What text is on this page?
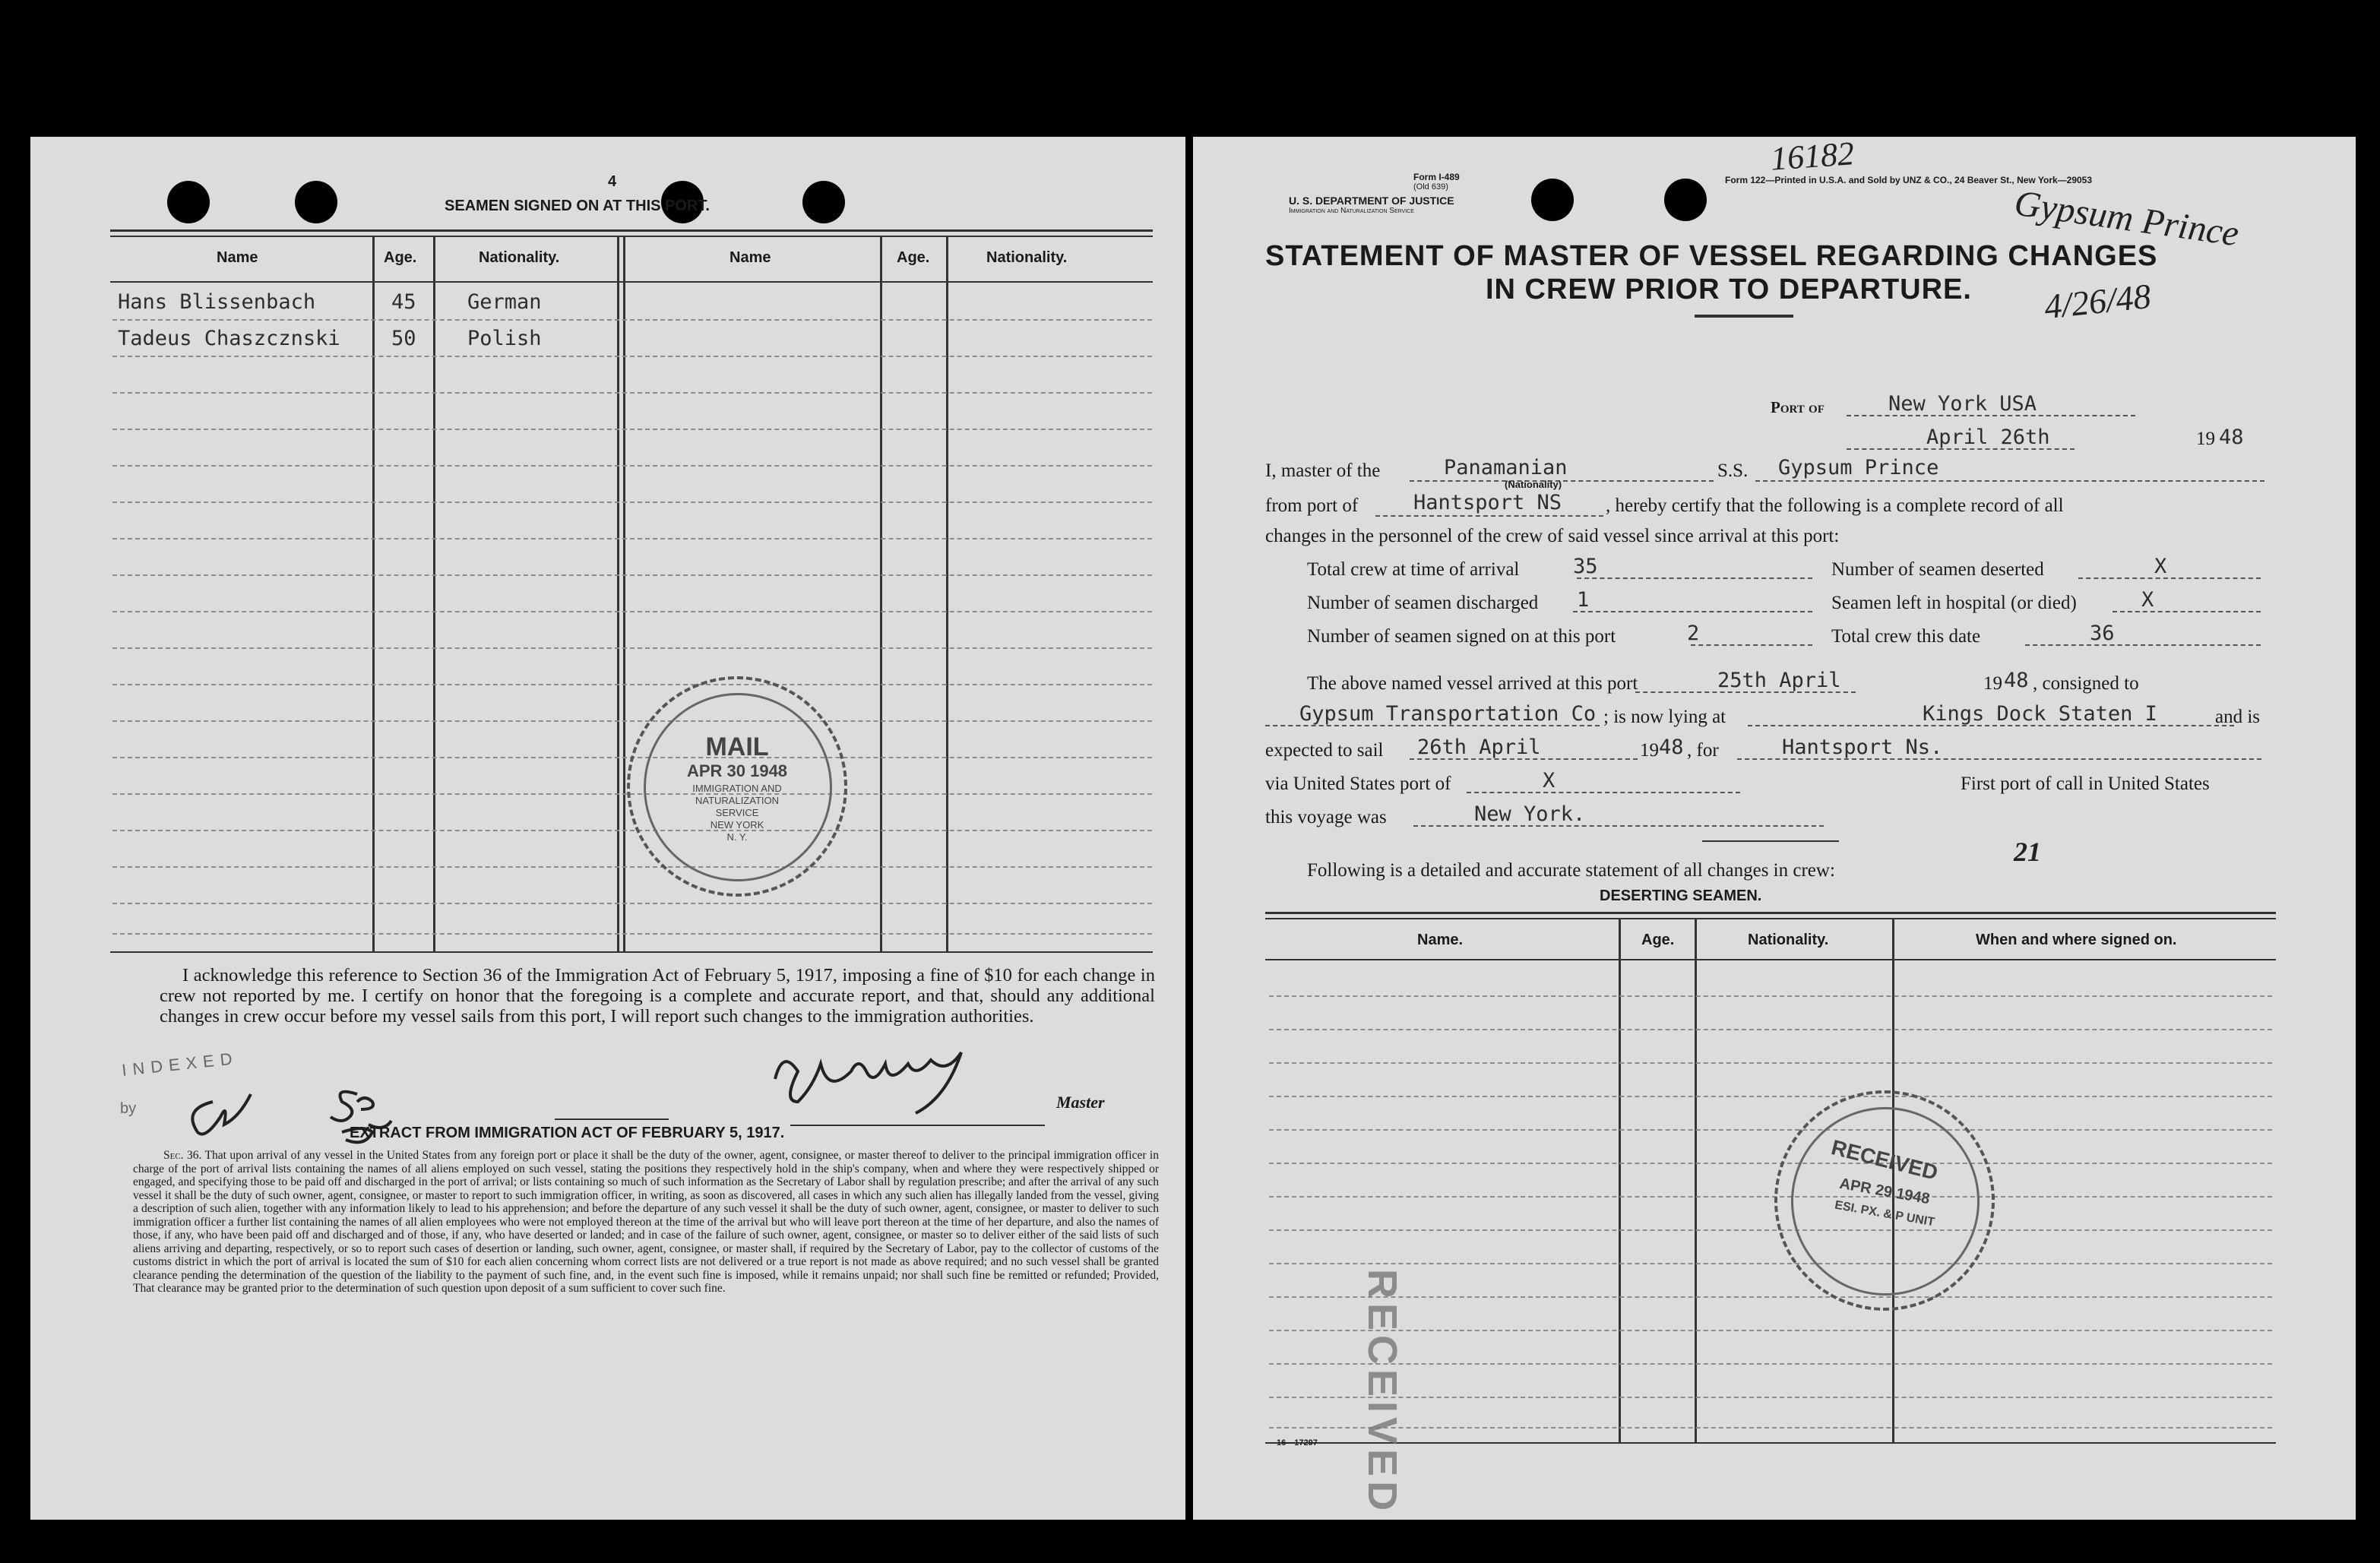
4
SEAMEN SIGNED ON AT THIS PORT.
Name	Age.	Nationality.	Name	Age.	Nationality.
Hans Blissenbach	45 German
Tadeus Chaszcznski 50 Polish
MAIL
APR 30 1948
IMMIGRATION AND
NATURALIZATION
SERVICE
NEW YORK
N. Y.
I acknowledge this reference to Section 36 of the Immigration Act of February 5, 1917, imposing a fine of $10 for each change in crew not reported by me. I certify on honor that the foregoing is a complete and accurate report, and that, should any additional changes in crew occur before my vessel sails from this port, I will report such changes to the immigration authorities.
INDEXED
by	Master
EXTRACT FROM IMMIGRATION ACT OF FEBRUARY 5, 1917.
Sec. 36. That upon arrival of any vessel in the United States from any foreign port or place it shall be the duty of the owner, agent, consignee, or master thereof to deliver to the principal immigration officer in charge of the port of arrival lists containing the names of all aliens employed on such vessel, stating the positions they respectively hold in the ship's company, when and where they were respectively shipped or engaged, and specifying those to be paid off and discharged in the port of arrival; or lists containing so much of such information as the Secretary of Labor shall by regulation prescribe; and after the arrival of any such vessel it shall be the duty of such owner, agent, consignee, or master to report to such immigration officer, in writing, as soon as discovered, all cases in which any such alien has illegally landed from the vessel, giving a description of such alien, together with any information likely to lead to his apprehension; and before the departure of any such vessel it shall be the duty of such owner, agent, consignee, or master to deliver to such immigration officer a further list containing the names of all alien employees who were not employed thereon at the time of the arrival but who will leave port thereon at the time of her departure, and also the names of those, if any, who have been paid off and discharged and of those, if any, who have deserted or landed; and in case of the failure of such owner, agent, consignee, or master so to deliver either of the said lists of such aliens arriving and departing, respectively, or so to report such cases of desertion or landing, such owner, agent, consignee, or master shall, if required by the Secretary of Labor, pay to the collector of customs of the customs district in which the port of arrival is located the sum of $10 for each alien concerning whom correct lists are not delivered or a true report is not made as above required; and no such vessel shall be granted clearance pending the determination of the question of the liability to the payment of such fine, and, in the event such fine is imposed, while it remains unpaid; nor shall such fine be remitted or refunded; Provided, That clearance may be granted prior to the determination of such question upon deposit of a sum sufficient to cover such fine.
16182
Form I-489
(Old 639)
U. S. DEPARTMENT OF JUSTICE
Immigration and Naturalization Service
Form 122—Printed in U.S.A. and Sold by UNZ & CO., 24 Beaver St., New York—29053
Gypsum Prince
4/26/48
STATEMENT OF MASTER OF VESSEL REGARDING CHANGES
IN CREW PRIOR TO DEPARTURE.
Port of	New York USA
April 26th	19 48
I, master of the	Panamanian
(Nationality)
S.S. Gypsum Prince
from port of	Hantsport NS , hereby certify that the following is a complete record of all
changes in the personnel of the crew of said vessel since arrival at this port:
Total crew at time of arrival	35
Number of seamen discharged 1
Number of seamen signed on at this port	2
Number of seamen deserted	X
Seamen left in hospital (or died)	X
Total crew this date	36
The above named vessel arrived at this port	25th April	19 48 , consigned to
Gypsum Transportation Co ; is now lying at	Kings Dock Staten I	and is
expected to sail 26th April	19 48 , for	Hantsport Ns.
via United States port of	X	First port of call in United States
this voyage was	New York.
21
Following is a detailed and accurate statement of all changes in crew:
DESERTING SEAMEN.
Name.	Age.	Nationality.	When and where signed on.
RECEIVED
RECEIVED
APR 29 1948
ESI. PX. & P UNIT
16—17297
